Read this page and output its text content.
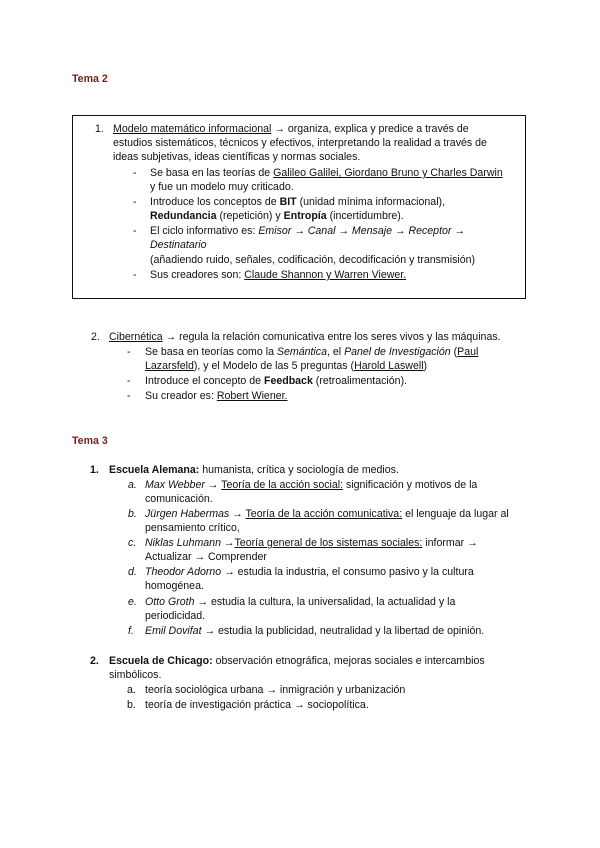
Tema 2
1. Modelo matemático informacional → organiza, explica y predice a través de
estudios sistemáticos, técnicos y efectivos, interpretando la realidad a través de
ideas subjetivas, ideas científicas y normas sociales.
- Se basa en las teorías de Galileo Galilei, Giordano Bruno y Charles Darwin
y fue un modelo muy criticado.
- Introduce los conceptos de BIT (unidad mínima informacional),
Redundancia (repetición) y Entropía (incertidumbre).
- El ciclo informativo es: Emisor → Canal → Mensaje → Receptor →
Destinatario
(añadiendo ruido, señales, codificación, decodificación y transmisión)
- Sus creadores son: Claude Shannon y Warren Viewer.
2. Cibernética → regula la relación comunicativa entre los seres vivos y las máquinas.
- Se basa en teorías como la Semántica, el Panel de Investigación (Paul
Lazarsfeld), y el Modelo de las 5 preguntas (Harold Laswell)
- Introduce el concepto de Feedback (retroalimentación).
- Su creador es: Robert Wiener.
Tema 3
1. Escuela Alemana: humanista, crítica y sociología de medios.
a. Max Webber → Teoría de la acción social: significación y motivos de la
comunicación.
b. Jürgen Habermas → Teoría de la acción comunicativa: el lenguaje da lugar al
pensamiento crítico,
c. Niklas Luhmann →Teoría general de los sistemas sociales: informar →
Actualizar → Comprender
d. Theodor Adorno → estudia la industria, el consumo pasivo y la cultura
homogénea.
e. Otto Groth → estudia la cultura, la universalidad, la actualidad y la
periodicidad.
f. Emil Dovifat → estudia la publicidad, neutralidad y la libertad de opinión.
2. Escuela de Chicago: observación etnográfica, mejoras sociales e intercambios
simbólicos.
a. teoría sociológica urbana → inmigración y urbanización
b. teoría de investigación práctica → sociopolítica.
